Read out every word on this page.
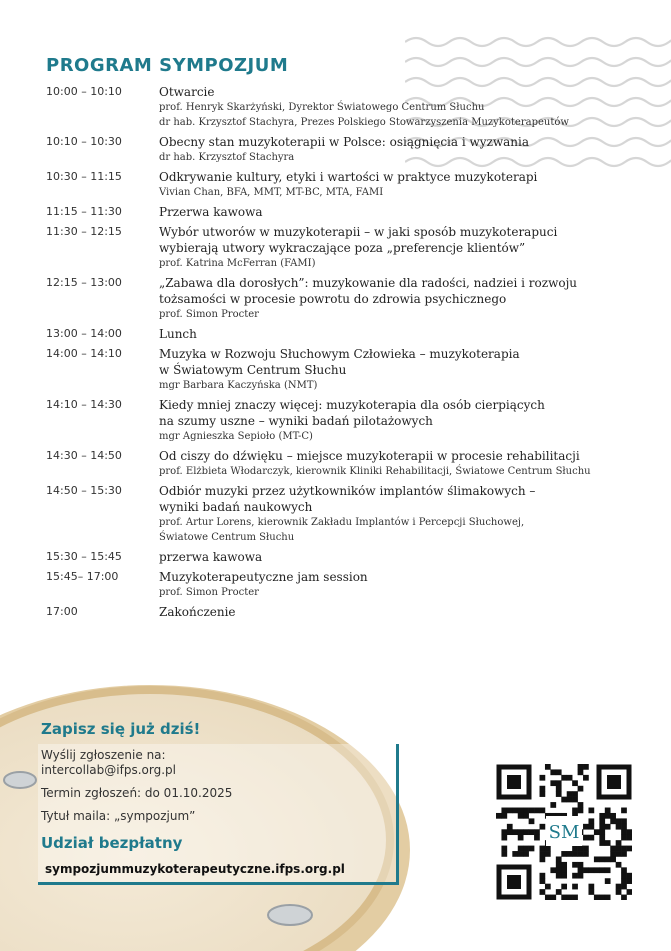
PROGRAM SYMPOZJUM
10:00 – 10:10	Otwarcie
prof. Henryk Skarżyński, Dyrektor Światowego Centrum Słuchu
dr hab. Krzysztof Stachyra, Prezes Polskiego Stowarzyszenia Muzykoterapeutów
10:10 – 10:30	Obecny stan muzykoterapii w Polsce: osiągnięcia i wyzwania
dr hab. Krzysztof Stachyra
10:30 – 11:15	Odkrywanie kultury, etyki i wartości w praktyce muzykoterapi
Vivian Chan, BFA, MMT, MT-BC, MTA, FAMI
11:15 – 11:30	Przerwa kawowa
11:30 – 12:15	Wybór utworów w muzykoterapii – w jaki sposób muzykoterapuci
wybierają utwory wykraczające poza „preferencje klientów”
prof. Katrina McFerran (FAMI)
12:15 – 13:00	„Zabawa dla dorosłych”: muzykowanie dla radości, nadziei i rozwoju
tożsamości w procesie powrotu do zdrowia psychicznego
prof. Simon Procter
13:00 – 14:00	Lunch
14:00 – 14:10	Muzyka w Rozwoju Słuchowym Człowieka – muzykoterapia
w Światowym Centrum Słuchu
mgr Barbara Kaczyńska (NMT)
14:10 – 14:30	Kiedy mniej znaczy więcej: muzykoterapia dla osób cierpiących
na szumy uszne – wyniki badań pilotażowych
mgr Agnieszka Sepioło (MT-C)
14:30 – 14:50	Od ciszy do dźwięku – miejsce muzykoterapii w procesie rehabilitacji
prof. Elżbieta Włodarczyk, kierownik Kliniki Rehabilitacji, Światowe Centrum Słuchu
14:50 – 15:30	Odbiór muzyki przez użytkowników implantów ślimakowych –
wyniki badań naukowych
prof. Artur Lorens, kierownik Zakładu Implantów i Percepcji Słuchowej,
Światowe Centrum Słuchu
15:30 – 15:45	przerwa kawowa
15:45– 17:00	Muzykoterapeutyczne jam session
prof. Simon Procter
17:00	Zakończenie
Zapisz się już dziś!
Wyślij zgłoszenie na:
intercollab@ifps.org.pl
Termin zgłoszeń: do 01.10.2025
Tytuł maila: „sympozjum”
Udział bezpłatny
sympozjummuzykoterapeutyczne.ifps.org.pl
SM
